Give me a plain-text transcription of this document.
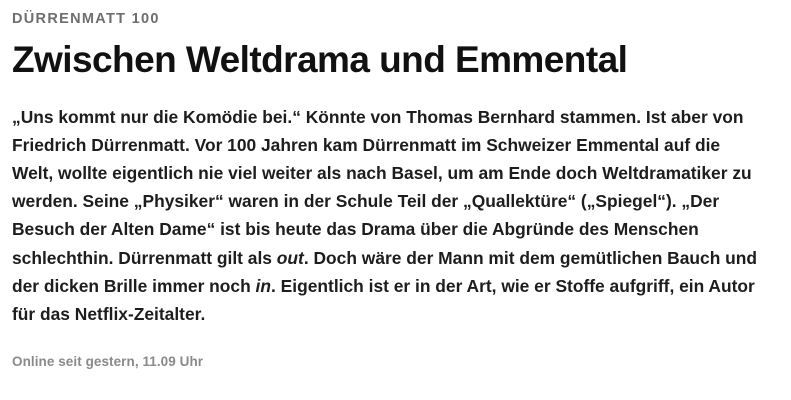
DÜRRENMATT 100
Zwischen Weltdrama und Emmental

„Uns kommt nur die Komödie bei.“ Könnte von Thomas Bernhard stammen. Ist aber von Friedrich Dürrenmatt. Vor 100 Jahren kam Dürrenmatt im Schweizer Emmental auf die Welt, wollte eigentlich nie viel weiter als nach Basel, um am Ende doch Weltdramatiker zu werden. Seine „Physiker“ waren in der Schule Teil der „Quallektüre“ („Spiegel“). „Der Besuch der Alten Dame“ ist bis heute das Drama über die Abgründe des Menschen schlechthin. Dürrenmatt gilt als out. Doch wäre der Mann mit dem gemütlichen Bauch und der dicken Brille immer noch in. Eigentlich ist er in der Art, wie er Stoffe aufgriff, ein Autor für das Netflix-Zeitalter.

Online seit gestern, 11.09 Uhr
